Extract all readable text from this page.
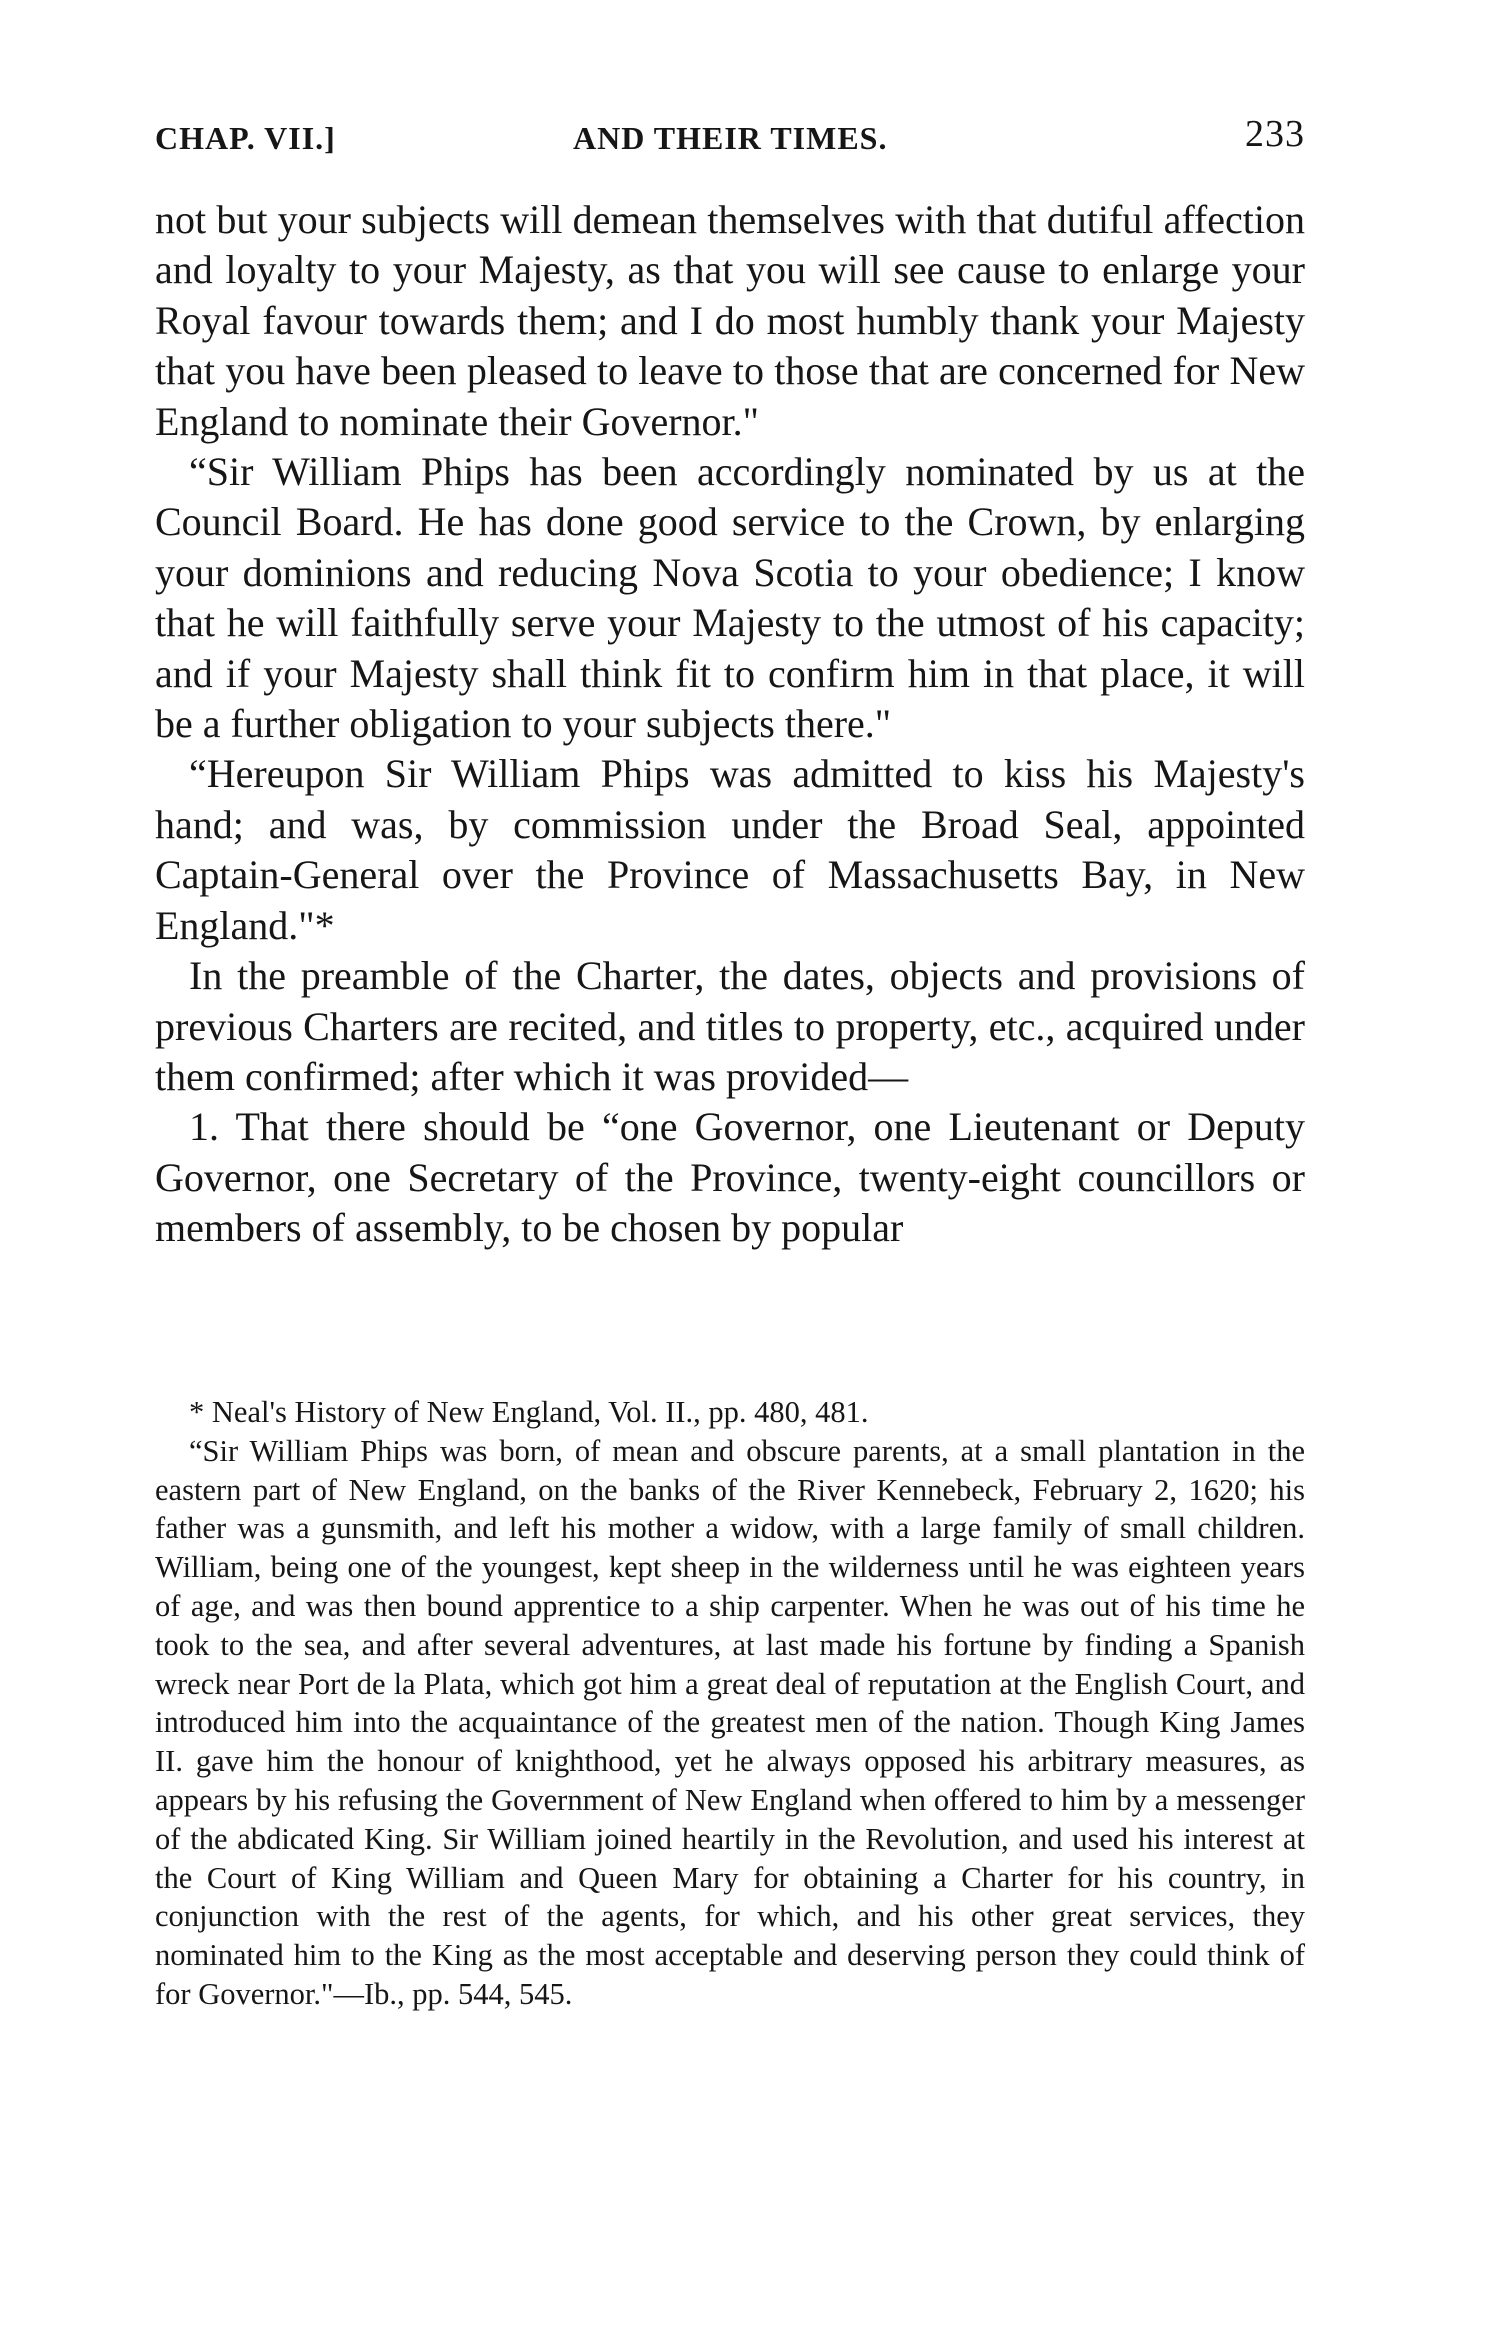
CHAP. VII.]	AND THEIR TIMES.	233

not but your subjects will demean themselves with that dutiful affection and loyalty to your Majesty, as that you will see cause to enlarge your Royal favour towards them; and I do most humbly thank your Majesty that you have been pleased to leave to those that are concerned for New England to nominate their Governor."

“Sir William Phips has been accordingly nominated by us at the Council Board. He has done good service to the Crown, by enlarging your dominions and reducing Nova Scotia to your obedience; I know that he will faithfully serve your Majesty to the utmost of his capacity; and if your Majesty shall think fit to confirm him in that place, it will be a further obligation to your subjects there."

“Hereupon Sir William Phips was admitted to kiss his Majesty's hand; and was, by commission under the Broad Seal, appointed Captain-General over the Province of Massachusetts Bay, in New England."*

In the preamble of the Charter, the dates, objects and provisions of previous Charters are recited, and titles to property, etc., acquired under them confirmed; after which it was provided—

1. That there should be “one Governor, one Lieutenant or Deputy Governor, one Secretary of the Province, twenty-eight councillors or members of assembly, to be chosen by popular

* Neal's History of New England, Vol. II., pp. 480, 481.

“Sir William Phips was born, of mean and obscure parents, at a small plantation in the eastern part of New England, on the banks of the River Kennebeck, February 2, 1620; his father was a gunsmith, and left his mother a widow, with a large family of small children. William, being one of the youngest, kept sheep in the wilderness until he was eighteen years of age, and was then bound apprentice to a ship carpenter. When he was out of his time he took to the sea, and after several adventures, at last made his fortune by finding a Spanish wreck near Port de la Plata, which got him a great deal of reputation at the English Court, and introduced him into the acquaintance of the greatest men of the nation. Though King James II. gave him the honour of knighthood, yet he always opposed his arbitrary measures, as appears by his refusing the Government of New England when offered to him by a messenger of the abdicated King. Sir William joined heartily in the Revolution, and used his interest at the Court of King William and Queen Mary for obtaining a Charter for his country, in conjunction with the rest of the agents, for which, and his other great services, they nominated him to the King as the most acceptable and deserving person they could think of for Governor."—Ib., pp. 544, 545.
